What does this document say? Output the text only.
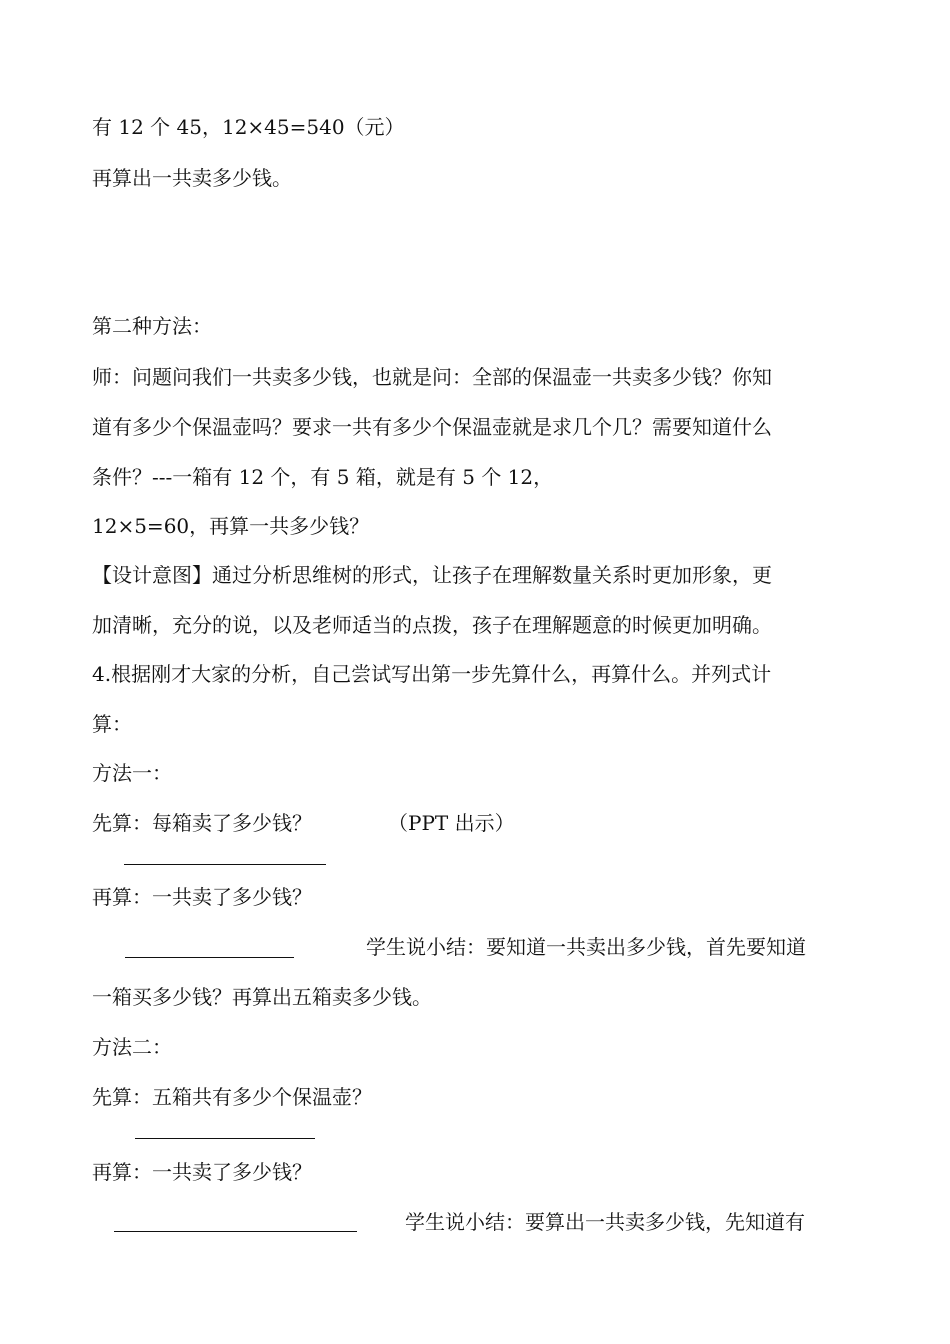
有 12 个 45，12×45=540（元）
再算出一共卖多少钱。
第二种方法：
师：问题问我们一共卖多少钱，也就是问：全部的保温壶一共卖多少钱？你知
道有多少个保温壶吗？要求一共有多少个保温壶就是求几个几？需要知道什么
条件？---一箱有 12 个，有 5 箱，就是有 5 个 12，
12×5=60，再算一共多少钱？
【设计意图】通过分析思维树的形式，让孩子在理解数量关系时更加形象，更
加清晰，充分的说，以及老师适当的点拨，孩子在理解题意的时候更加明确。
4.根据刚才大家的分析，自己尝试写出第一步先算什么，再算什么。并列式计
算：
方法一：
先算：每箱卖了多少钱？	（PPT 出示）
再算：一共卖了多少钱？
学生说小结：要知道一共卖出多少钱，首先要知道
一箱买多少钱？再算出五箱卖多少钱。
方法二：
先算：五箱共有多少个保温壶？
再算：一共卖了多少钱？
学生说小结：要算出一共卖多少钱，先知道有
